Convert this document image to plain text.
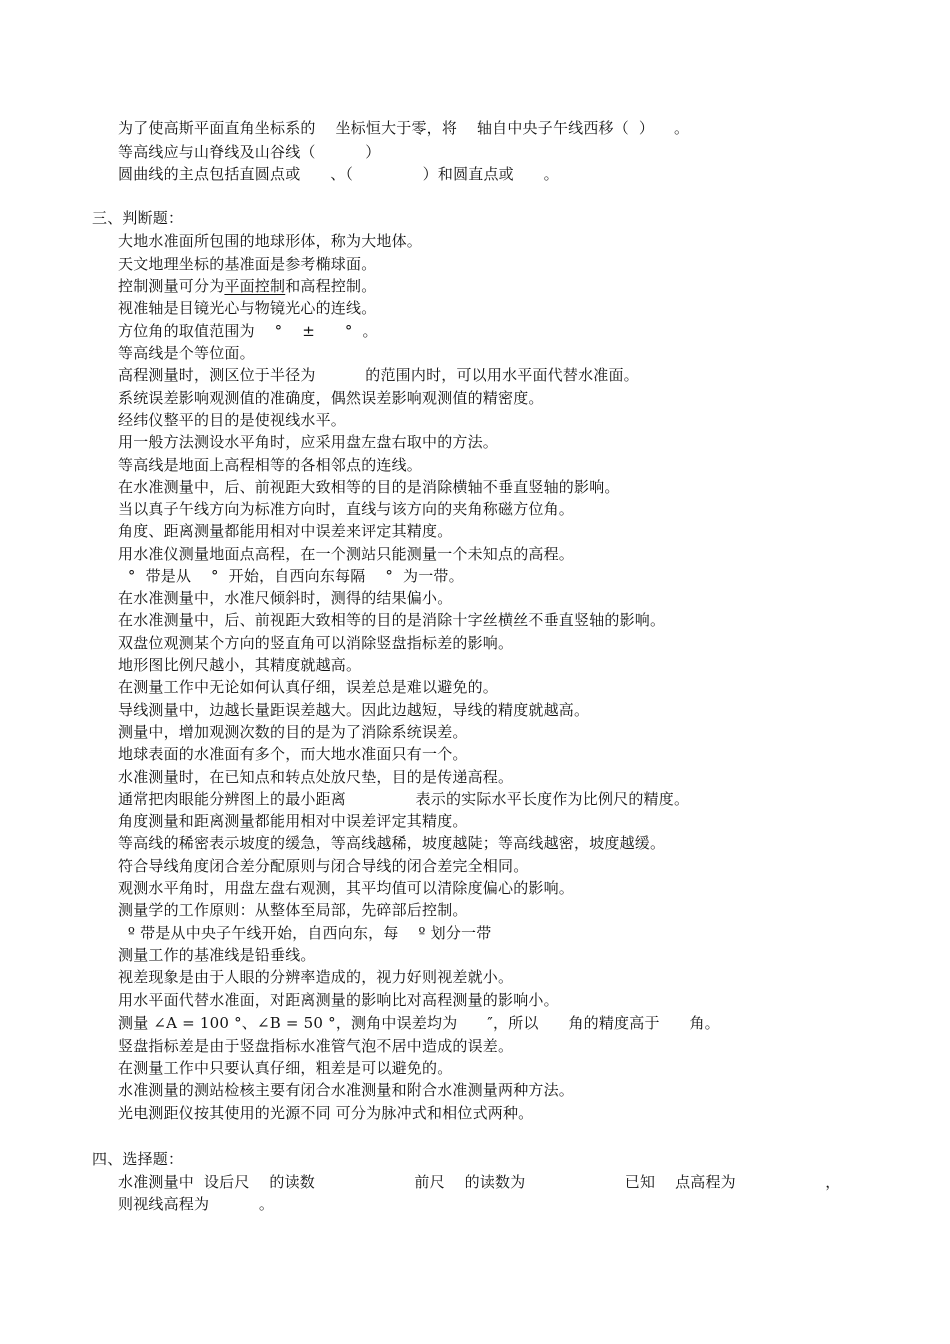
为了使高斯平面直角坐标系的    坐标恒大于零，将    轴自中央子午线西移（  ）    。
等高线应与山脊线及山谷线（          ）
圆曲线的主点包括直圆点或      、（              ）和圆直点或      。
三、判断题：
大地水准面所包围的地球形体，称为大地体。
天文地理坐标的基准面是参考椭球面。
控制测量可分为平面控制和高程控制。
视准轴是目镜光心与物镜光心的连线。
方位角的取值范围为    °    ±      °  。
等高线是个等位面。
高程测量时，测区位于半径为          的范围内时，可以用水平面代替水准面。
系统误差影响观测值的准确度，偶然误差影响观测值的精密度。
经纬仪整平的目的是使视线水平。
用一般方法测设水平角时，应采用盘左盘右取中的方法。
等高线是地面上高程相等的各相邻点的连线。
在水准测量中，后、前视距大致相等的目的是消除横轴不垂直竖轴的影响。
当以真子午线方向为标准方向时，直线与该方向的夹角称磁方位角。
角度、距离测量都能用相对中误差来评定其精度。
用水准仪测量地面点高程，在一个测站只能测量一个未知点的高程。
°  带是从    °  开始，自西向东每隔    °  为一带。
在水准测量中，水准尺倾斜时，测得的结果偏小。
在水准测量中，后、前视距大致相等的目的是消除十字丝横丝不垂直竖轴的影响。
双盘位观测某个方向的竖直角可以消除竖盘指标差的影响。
地形图比例尺越小，其精度就越高。
在测量工作中无论如何认真仔细，误差总是难以避免的。
导线测量中，边越长量距误差越大。因此边越短，导线的精度就越高。
测量中，增加观测次数的目的是为了消除系统误差。
地球表面的水准面有多个，而大地水准面只有一个。
水准测量时，在已知点和转点处放尺垫，目的是传递高程。
通常把肉眼能分辨图上的最小距离              表示的实际水平长度作为比例尺的精度。
角度测量和距离测量都能用相对中误差评定其精度。
等高线的稀密表示坡度的缓急，等高线越稀，坡度越陡；等高线越密，坡度越缓。
符合导线角度闭合差分配原则与闭合导线的闭合差完全相同。
观测水平角时，用盘左盘右观测，其平均值可以清除度偏心的影响。
测量学的工作原则：从整体至局部，先碎部后控制。
º 带是从中央子午线开始，自西向东，每    º 划分一带
测量工作的基准线是铅垂线。
视差现象是由于人眼的分辨率造成的，视力好则视差就小。
用水平面代替水准面，对距离测量的影响比对高程测量的影响小。
测量 ∠A = 100 °、∠B = 50 °，测角中误差均为      ″，所以      角的精度高于      角。
竖盘指标差是由于竖盘指标水准管气泡不居中造成的误差。
在测量工作中只要认真仔细，粗差是可以避免的。
水准测量的测站检核主要有闭合水准测量和附合水准测量两种方法。
光电测距仪按其使用的光源不同 可分为脉冲式和相位式两种。
四、选择题：
水准测量中  设后尺    的读数                    前尺    的读数为                    已知    点高程为                  ，
则视线高程为          。
